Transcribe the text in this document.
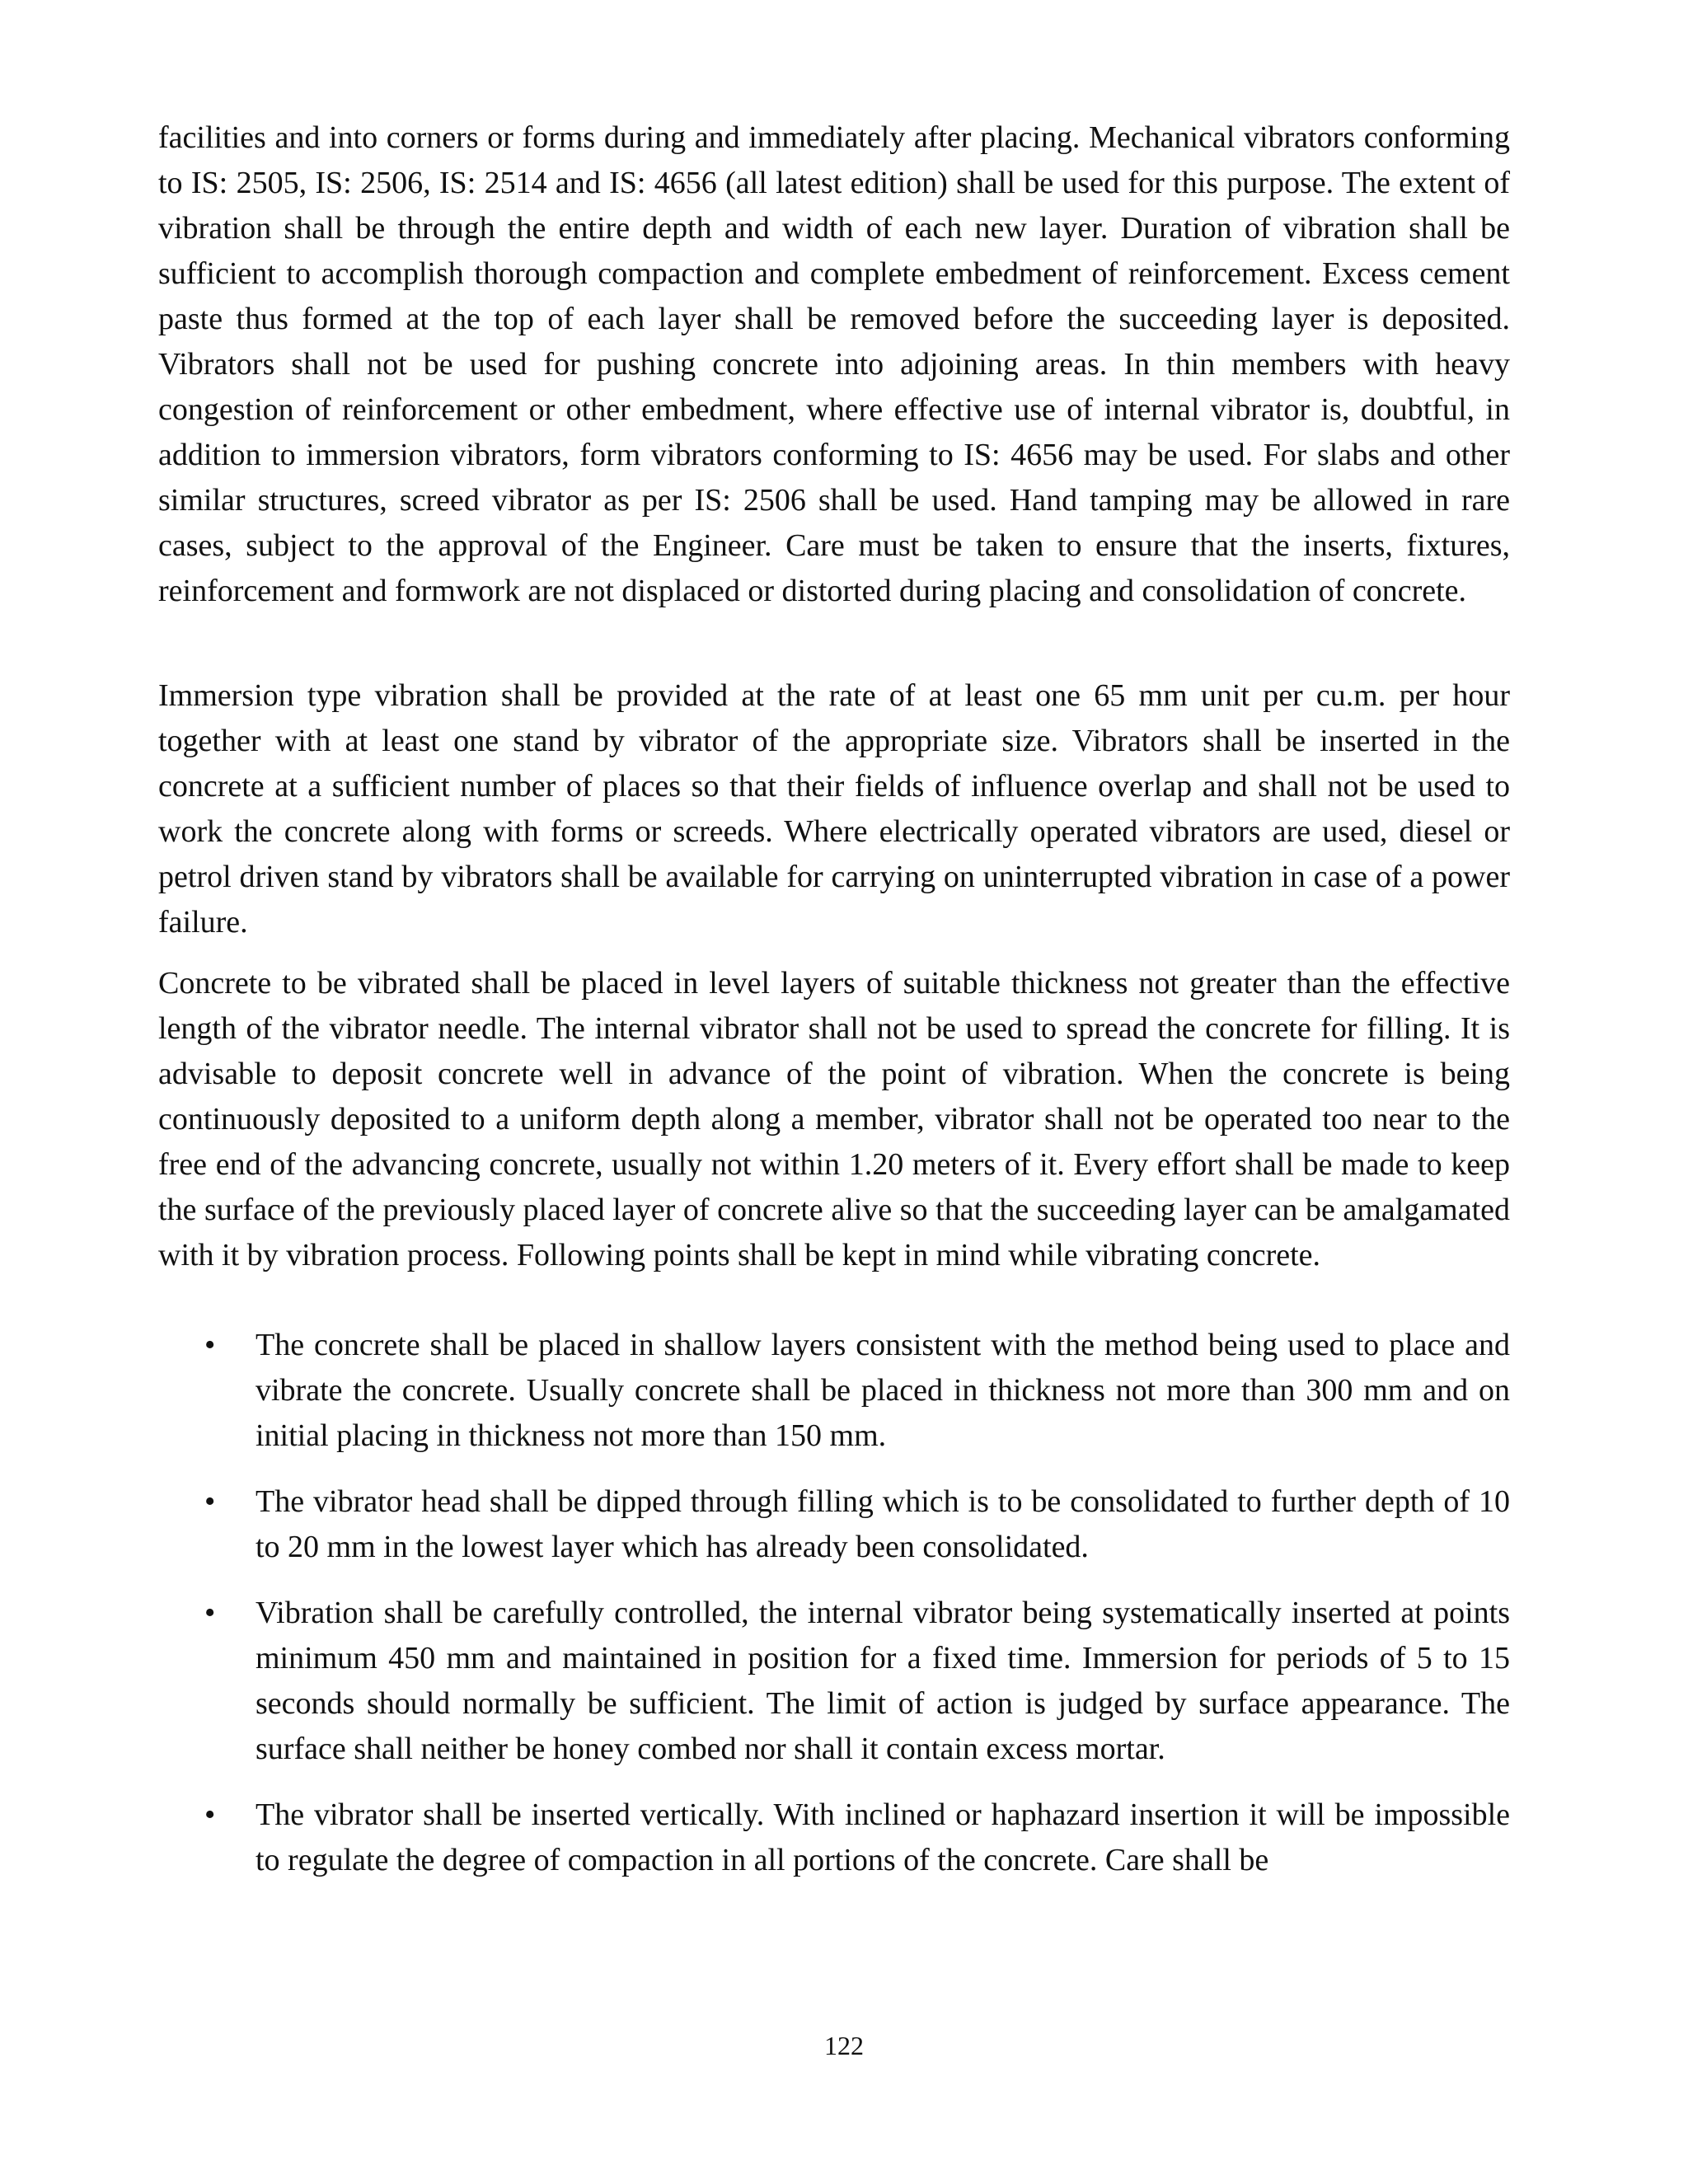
facilities and into corners or forms during and immediately after placing. Mechanical vibrators conforming to IS: 2505, IS: 2506, IS: 2514 and IS: 4656 (all latest edition) shall be used for this purpose. The extent of vibration shall be through the entire depth and width of each new layer. Duration of vibration shall be sufficient to accomplish thorough compaction and complete embedment of reinforcement. Excess cement paste thus formed at the top of each layer shall be removed before the succeeding layer is deposited. Vibrators shall not be used for pushing concrete into adjoining areas. In thin members with heavy congestion of reinforcement or other embedment, where effective use of internal vibrator is, doubtful, in addition to immersion vibrators, form vibrators conforming to IS: 4656 may be used. For slabs and other similar structures, screed vibrator as per IS: 2506 shall be used. Hand tamping may be allowed in rare cases, subject to the approval of the Engineer. Care must be taken to ensure that the inserts, fixtures, reinforcement and formwork are not displaced or distorted during placing and consolidation of concrete.

Immersion type vibration shall be provided at the rate of at least one 65 mm unit per cu.m. per hour together with at least one stand by vibrator of the appropriate size. Vibrators shall be inserted in the concrete at a sufficient number of places so that their fields of influence overlap and shall not be used to work the concrete along with forms or screeds. Where electrically operated vibrators are used, diesel or petrol driven stand by vibrators shall be available for carrying on uninterrupted vibration in case of a power failure.

Concrete to be vibrated shall be placed in level layers of suitable thickness not greater than the effective length of the vibrator needle. The internal vibrator shall not be used to spread the concrete for filling. It is advisable to deposit concrete well in advance of the point of vibration. When the concrete is being continuously deposited to a uniform depth along a member, vibrator shall not be operated too near to the free end of the advancing concrete, usually not within 1.20 meters of it. Every effort shall be made to keep the surface of the previously placed layer of concrete alive so that the succeeding layer can be amalgamated with it by vibration process. Following points shall be kept in mind while vibrating concrete.

• The concrete shall be placed in shallow layers consistent with the method being used to place and vibrate the concrete. Usually concrete shall be placed in thickness not more than 300 mm and on initial placing in thickness not more than 150 mm.

• The vibrator head shall be dipped through filling which is to be consolidated to further depth of 10 to 20 mm in the lowest layer which has already been consolidated.

• Vibration shall be carefully controlled, the internal vibrator being systematically inserted at points minimum 450 mm and maintained in position for a fixed time. Immersion for periods of 5 to 15 seconds should normally be sufficient. The limit of action is judged by surface appearance. The surface shall neither be honey combed nor shall it contain excess mortar.

• The vibrator shall be inserted vertically. With inclined or haphazard insertion it will be impossible to regulate the degree of compaction in all portions of the concrete. Care shall be

122
